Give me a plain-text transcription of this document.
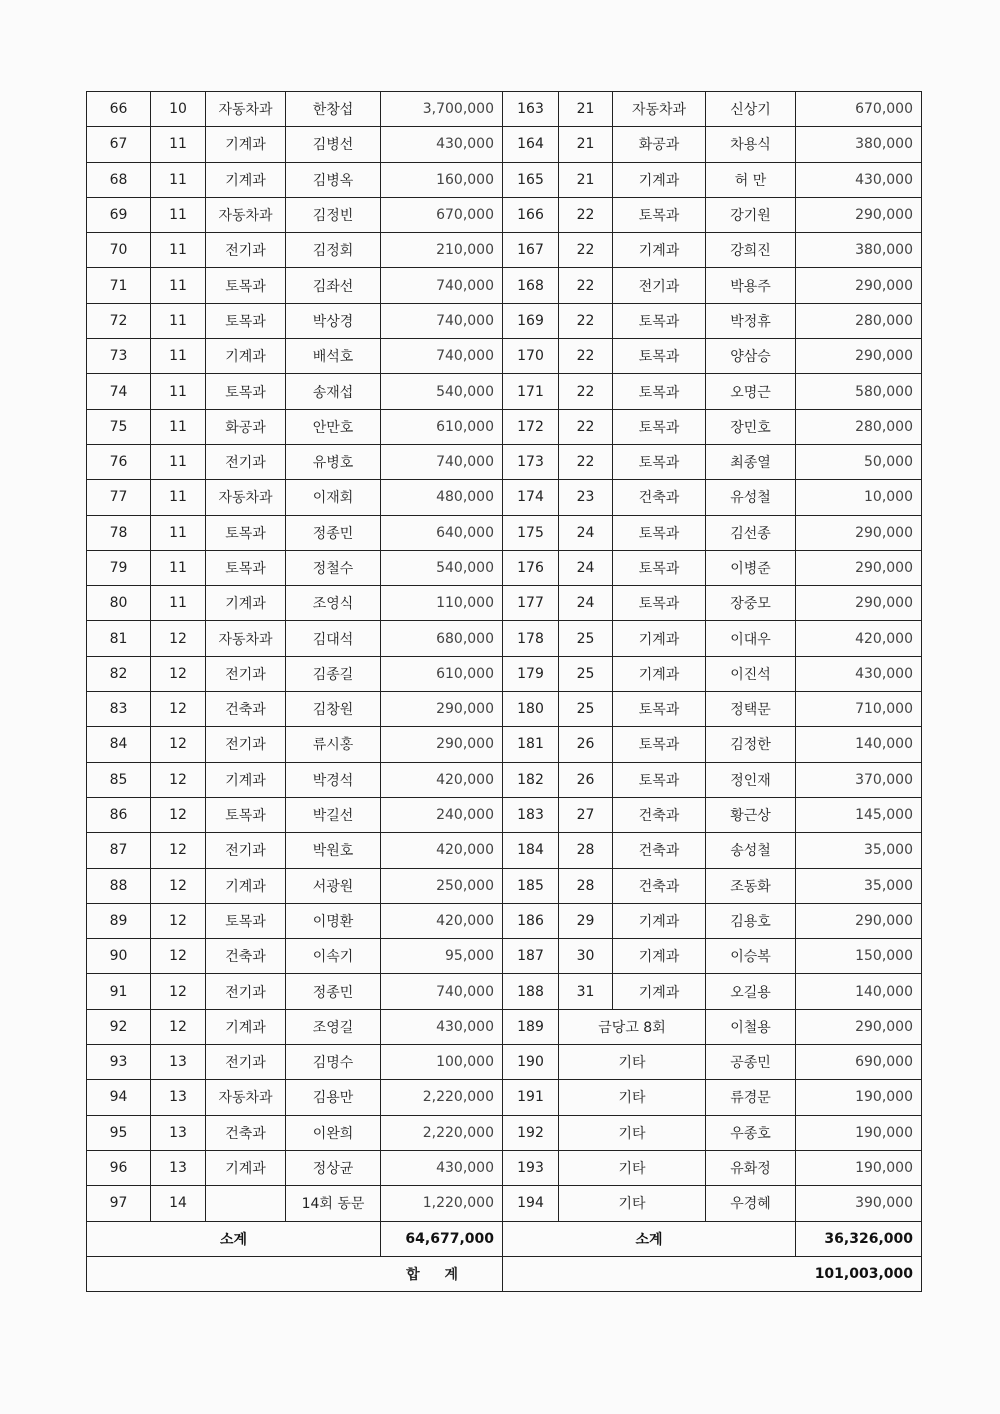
66	10	자동차과	한창섭	3,700,000	163	21	자동차과	신상기	670,000
67	11	기계과	김병선	430,000	164	21	화공과	차용식	380,000
68	11	기계과	김병옥	160,000	165	21	기계과	허 만	430,000
69	11	자동차과	김정빈	670,000	166	22	토목과	강기원	290,000
70	11	전기과	김정회	210,000	167	22	기계과	강희진	380,000
71	11	토목과	김좌선	740,000	168	22	전기과	박용주	290,000
72	11	토목과	박상경	740,000	169	22	토목과	박정휴	280,000
73	11	기계과	배석호	740,000	170	22	토목과	양삼승	290,000
74	11	토목과	송재섭	540,000	171	22	토목과	오명근	580,000
75	11	화공과	안만호	610,000	172	22	토목과	장민호	280,000
76	11	전기과	유병호	740,000	173	22	토목과	최종열	50,000
77	11	자동차과	이재회	480,000	174	23	건축과	유성철	10,000
78	11	토목과	정종민	640,000	175	24	토목과	김선종	290,000
79	11	토목과	정철수	540,000	176	24	토목과	이병준	290,000
80	11	기계과	조영식	110,000	177	24	토목과	장중모	290,000
81	12	자동차과	김대석	680,000	178	25	기계과	이대우	420,000
82	12	전기과	김종길	610,000	179	25	기계과	이진석	430,000
83	12	건축과	김창원	290,000	180	25	토목과	정택문	710,000
84	12	전기과	류시홍	290,000	181	26	토목과	김정한	140,000
85	12	기계과	박경석	420,000	182	26	토목과	정인재	370,000
86	12	토목과	박길선	240,000	183	27	건축과	황근상	145,000
87	12	전기과	박원호	420,000	184	28	건축과	송성철	35,000
88	12	기계과	서광원	250,000	185	28	건축과	조동화	35,000
89	12	토목과	이명환	420,000	186	29	기계과	김용호	290,000
90	12	건축과	이속기	95,000	187	30	기계과	이승복	150,000
91	12	전기과	정종민	740,000	188	31	기계과	오길용	140,000
92	12	기계과	조영길	430,000	189	금당고 8회		이철용	290,000
93	13	전기과	김명수	100,000	190	기타		공종민	690,000
94	13	자동차과	김용만	2,220,000	191	기타		류경문	190,000
95	13	건축과	이완희	2,220,000	192	기타		우종호	190,000
96	13	기계과	정상균	430,000	193	기타		유화정	190,000
97	14		14회 동문	1,220,000	194	기타		우경혜	390,000
소계				64,677,000	소계				36,326,000
합 계					101,003,000				
